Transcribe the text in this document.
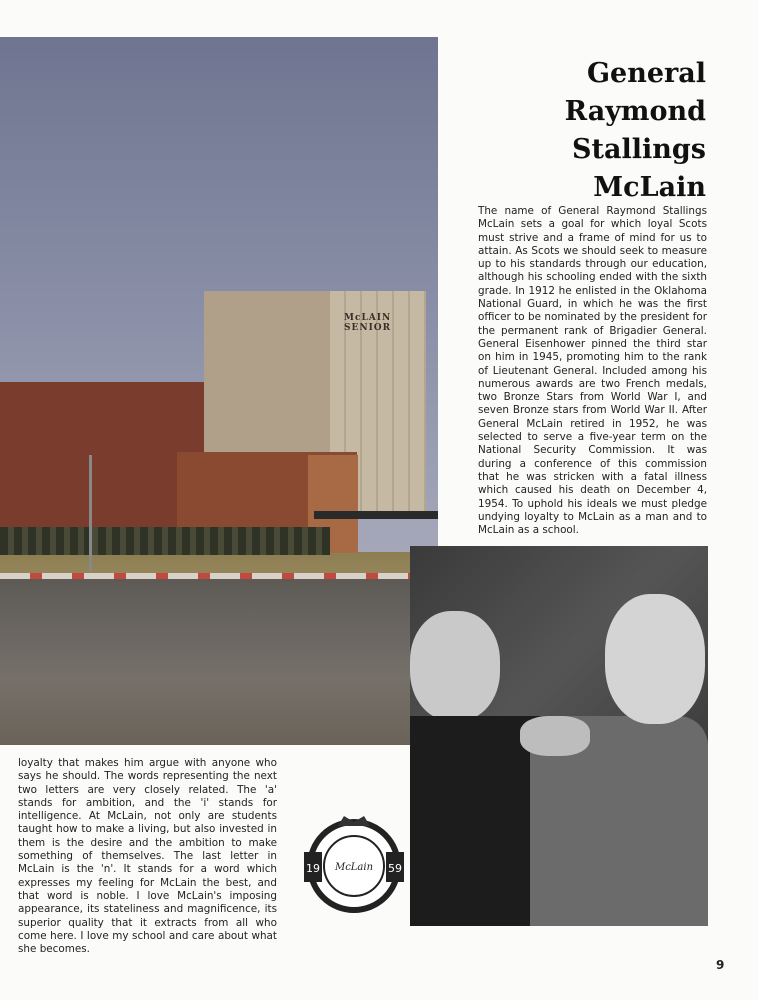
McLAIN SENIOR
General
Raymond
Stallings
McLain

The name of General Raymond Stallings McLain sets a goal for which loyal Scots must strive and a frame of mind for us to attain. As Scots we should seek to measure up to his standards through our education, although his schooling ended with the sixth grade. In 1912 he enlisted in the Oklahoma National Guard, in which he was the first officer to be nominated by the president for the permanent rank of Brigadier General. General Eisenhower pinned the third star on him in 1945, promoting him to the rank of Lieutenant General. Included among his numerous awards are two French medals, two Bronze Stars from World War I, and seven Bronze stars from World War II. After General McLain retired in 1952, he was selected to serve a five-year term on the National Security Commission. It was during a conference of this commission that he was stricken with a fatal illness which caused his death on December 4, 1954. To uphold his ideals we must pledge undying loyalty to McLain as a man and to McLain as a school.

loyalty that makes him argue with anyone who says he should. The words representing the next two letters are very closely related. The 'a' stands for ambition, and the 'i' stands for intelligence. At McLain, not only are students taught how to make a living, but also invested in them is the desire and the ambition to make something of themselves. The last letter in McLain is the 'n'. It stands for a word which expresses my feeling for McLain the best, and that word is noble. I love McLain's imposing appearance, its stateliness and magnificence, its superior quality that it extracts from all who come here. I love my school and care about what she becomes.

19	59
McLain
9
